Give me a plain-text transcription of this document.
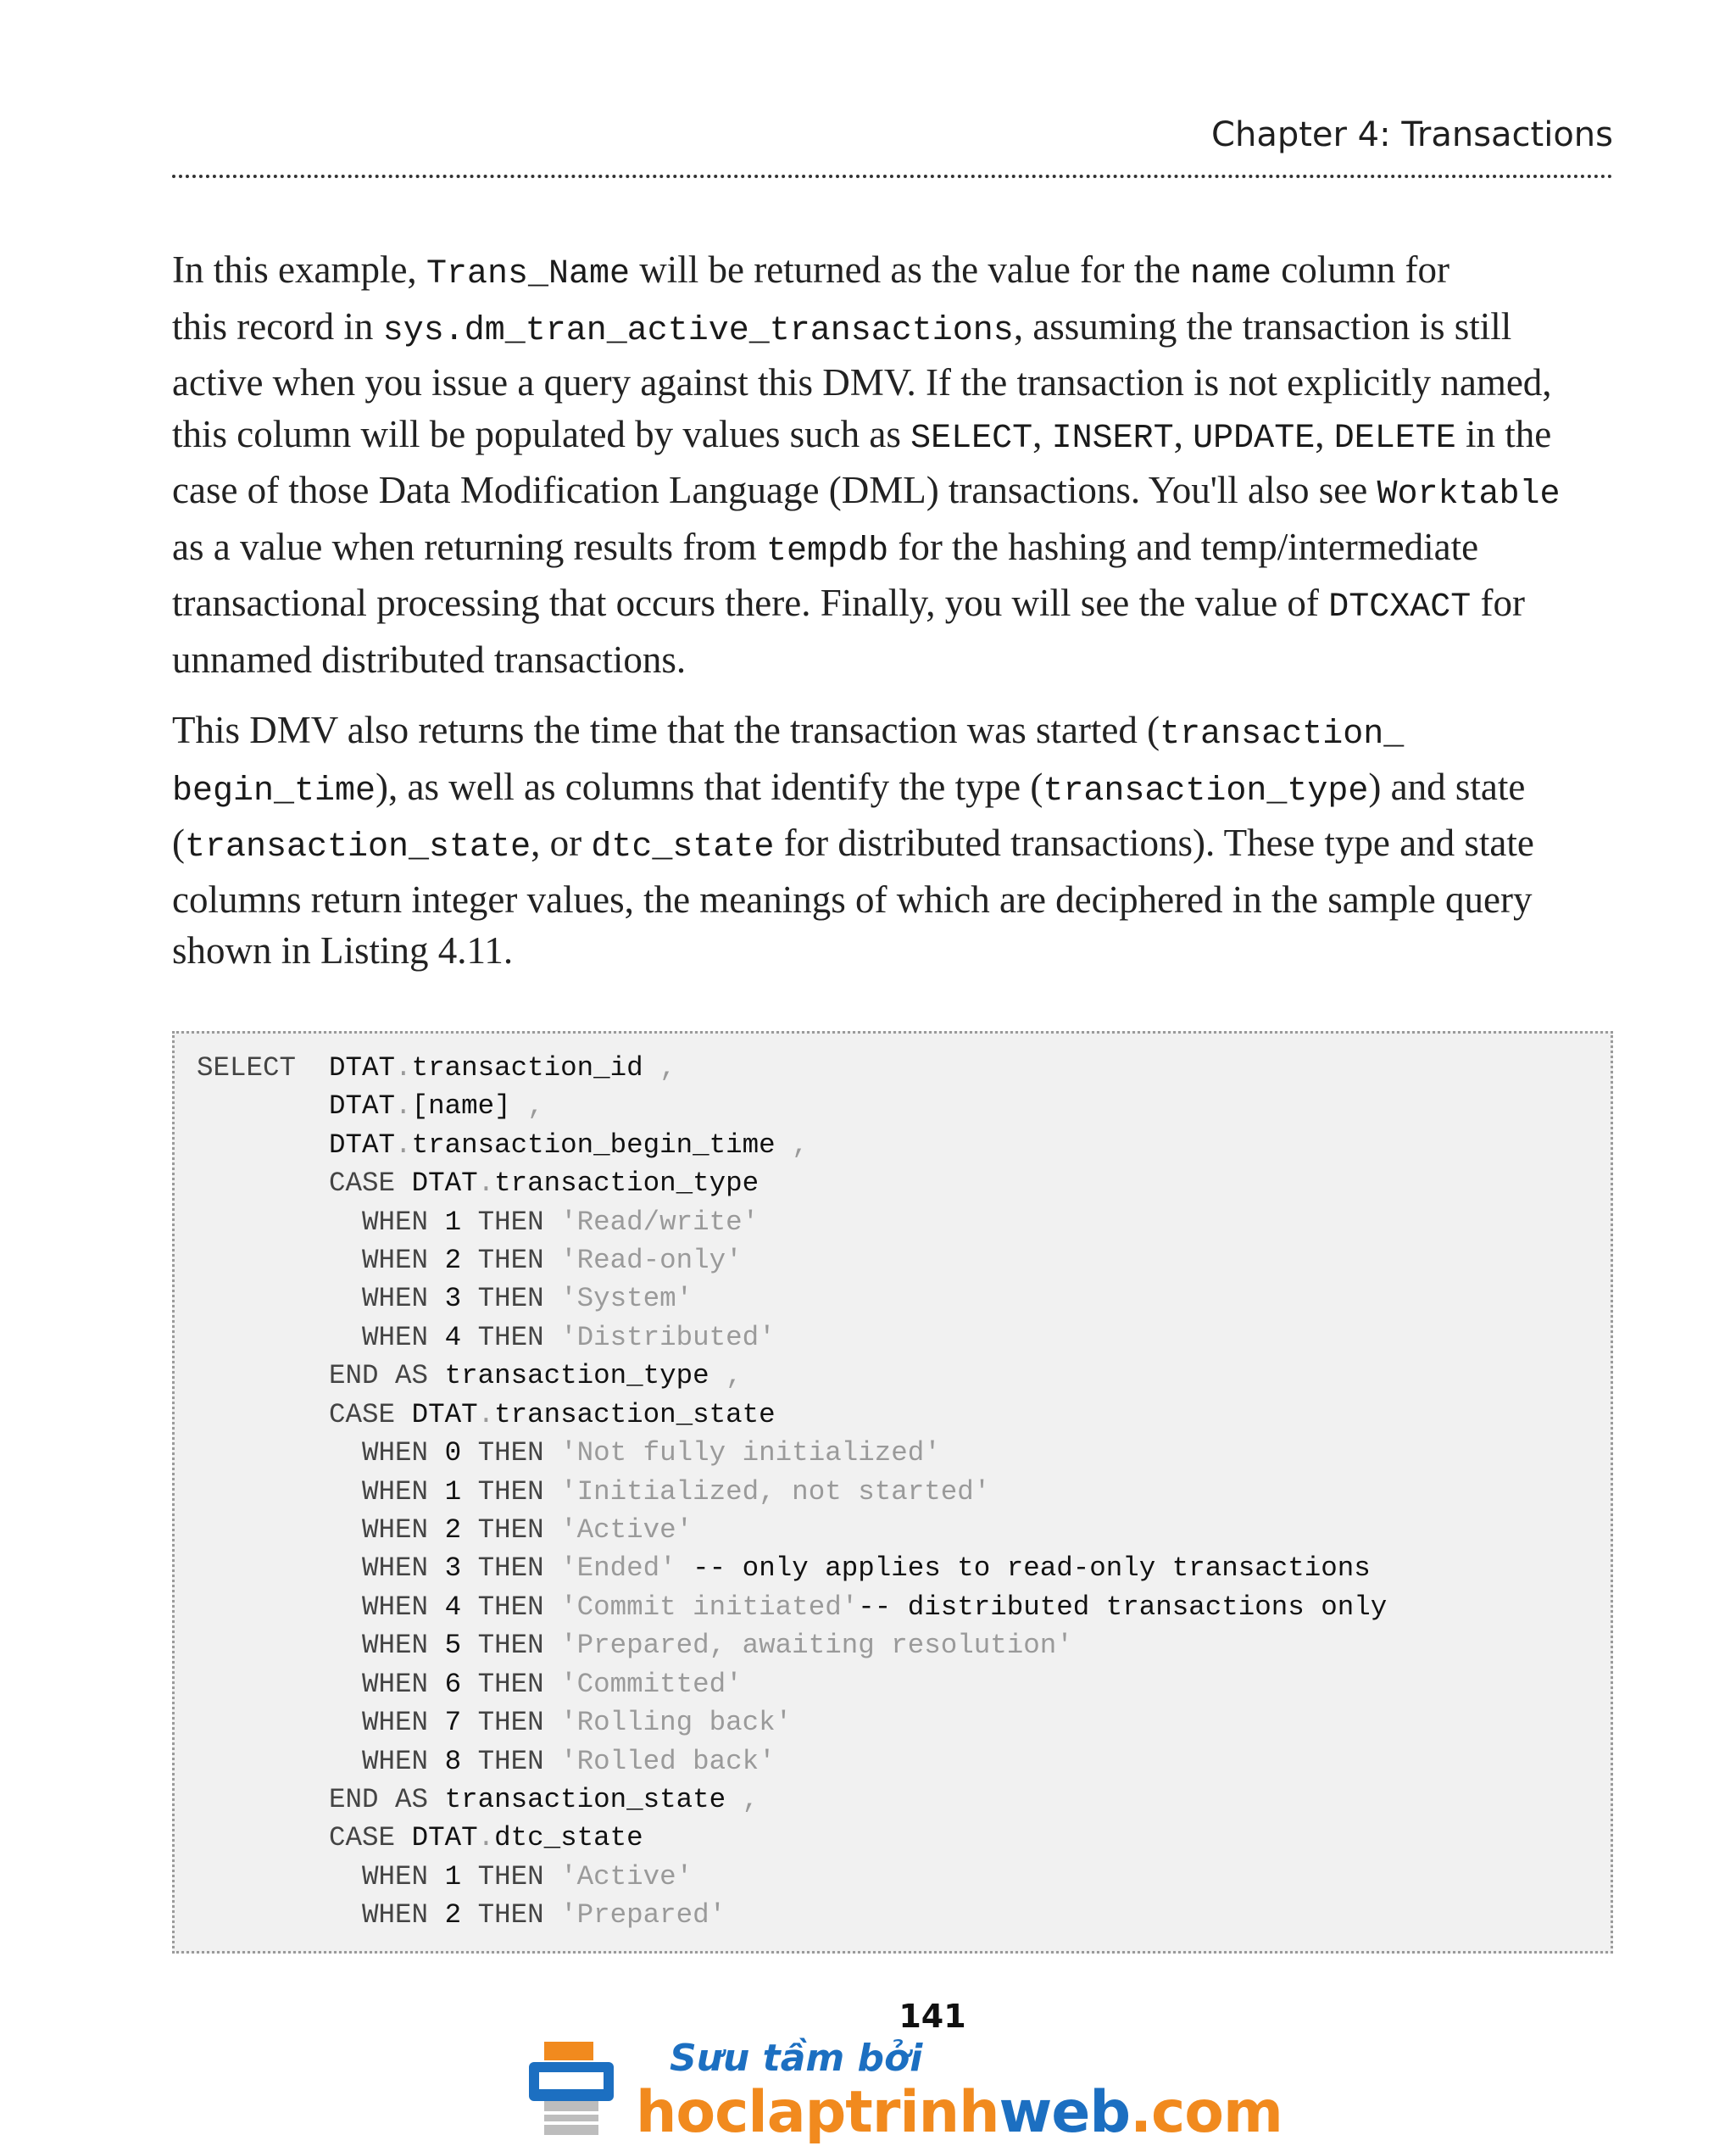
Chapter 4: Transactions
In this example, Trans_Name will be returned as the value for the name column for
this record in sys.dm_tran_active_transactions, assuming the transaction is still
active when you issue a query against this DMV. If the transaction is not explicitly named,
this column will be populated by values such as SELECT, INSERT, UPDATE, DELETE in the
case of those Data Modification Language (DML) transactions. You'll also see Worktable
as a value when returning results from tempdb for the hashing and temp/intermediate
transactional processing that occurs there. Finally, you will see the value of DTCXACT for
unnamed distributed transactions.
This DMV also returns the time that the transaction was started (transaction_
begin_time), as well as columns that identify the type (transaction_type) and state
(transaction_state, or dtc_state for distributed transactions). These type and state
columns return integer values, the meanings of which are deciphered in the sample query
shown in Listing 4.11.
SELECT DTAT.transaction_id ,
DTAT.[name] ,
DTAT.transaction_begin_time ,
CASE DTAT.transaction_type
WHEN 1 THEN 'Read/write'
WHEN 2 THEN 'Read-only'
WHEN 3 THEN 'System'
WHEN 4 THEN 'Distributed'
END AS transaction_type ,
CASE DTAT.transaction_state
WHEN 0 THEN 'Not fully initialized'
WHEN 1 THEN 'Initialized, not started'
WHEN 2 THEN 'Active'
WHEN 3 THEN 'Ended' -- only applies to read-only transactions
WHEN 4 THEN 'Commit initiated'-- distributed transactions only
WHEN 5 THEN 'Prepared, awaiting resolution'
WHEN 6 THEN 'Committed'
WHEN 7 THEN 'Rolling back'
WHEN 8 THEN 'Rolled back'
END AS transaction_state ,
CASE DTAT.dtc_state
WHEN 1 THEN 'Active'
WHEN 2 THEN 'Prepared'
141
Sưu tầm bởi
hoclaptrinhweb.com
